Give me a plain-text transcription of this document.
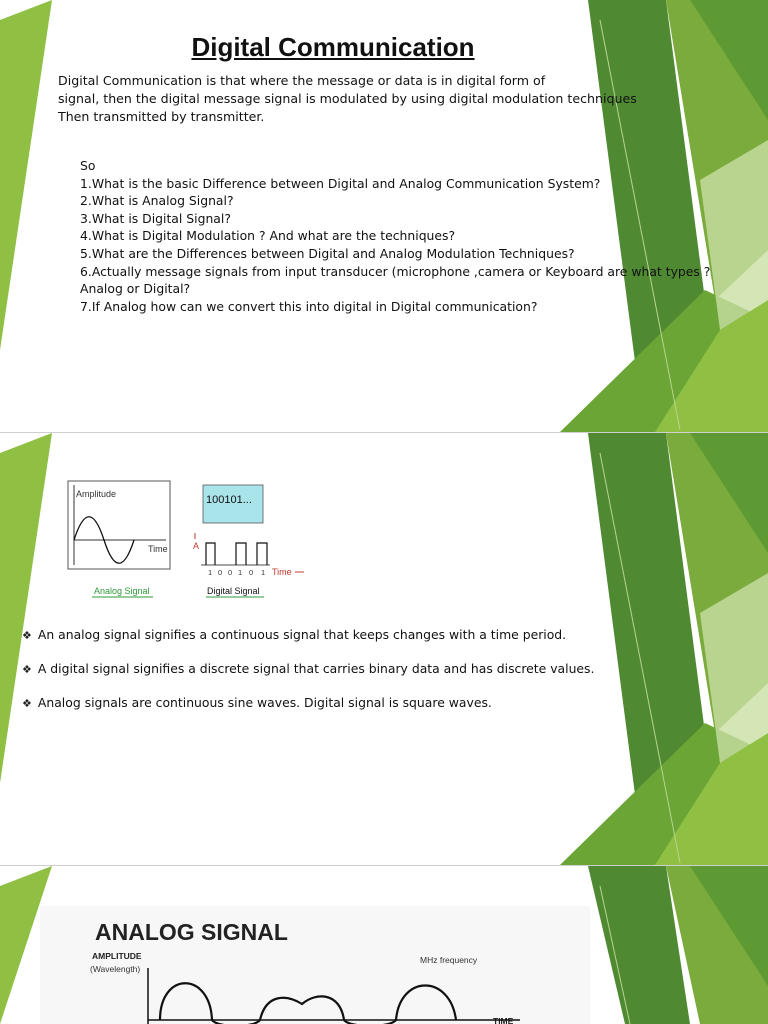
Digital Communication
Digital Communication is that where the message or data is in digital form of
signal, then the digital message signal is modulated by using digital modulation techniques
Then transmitted by transmitter.
So
1.What is the basic Difference between Digital and Analog Communication System?
2.What is Analog Signal?
3.What is Digital Signal?
4.What is Digital Modulation ? And what are the techniques?
5.What are the Differences between Digital and Analog Modulation Techniques?
6.Actually message signals from input transducer (microphone ,camera or Keyboard are what types ?
Analog or Digital?
7.If Analog how can we convert this into digital in Digital communication?
Amplitude
Time
Analog Signal
100101...
A
1 0 0 1 0 1 Time
Digital Signal
❖ An analog signal signifies a continuous signal that keeps changes with a time period.
❖ A digital signal signifies a discrete signal that carries binary data and has discrete values.
❖ Analog signals are continuous sine waves. Digital signal is square waves.
ANALOG SIGNAL
AMPLITUDE
(Wavelength)
MHz frequency
TIME
